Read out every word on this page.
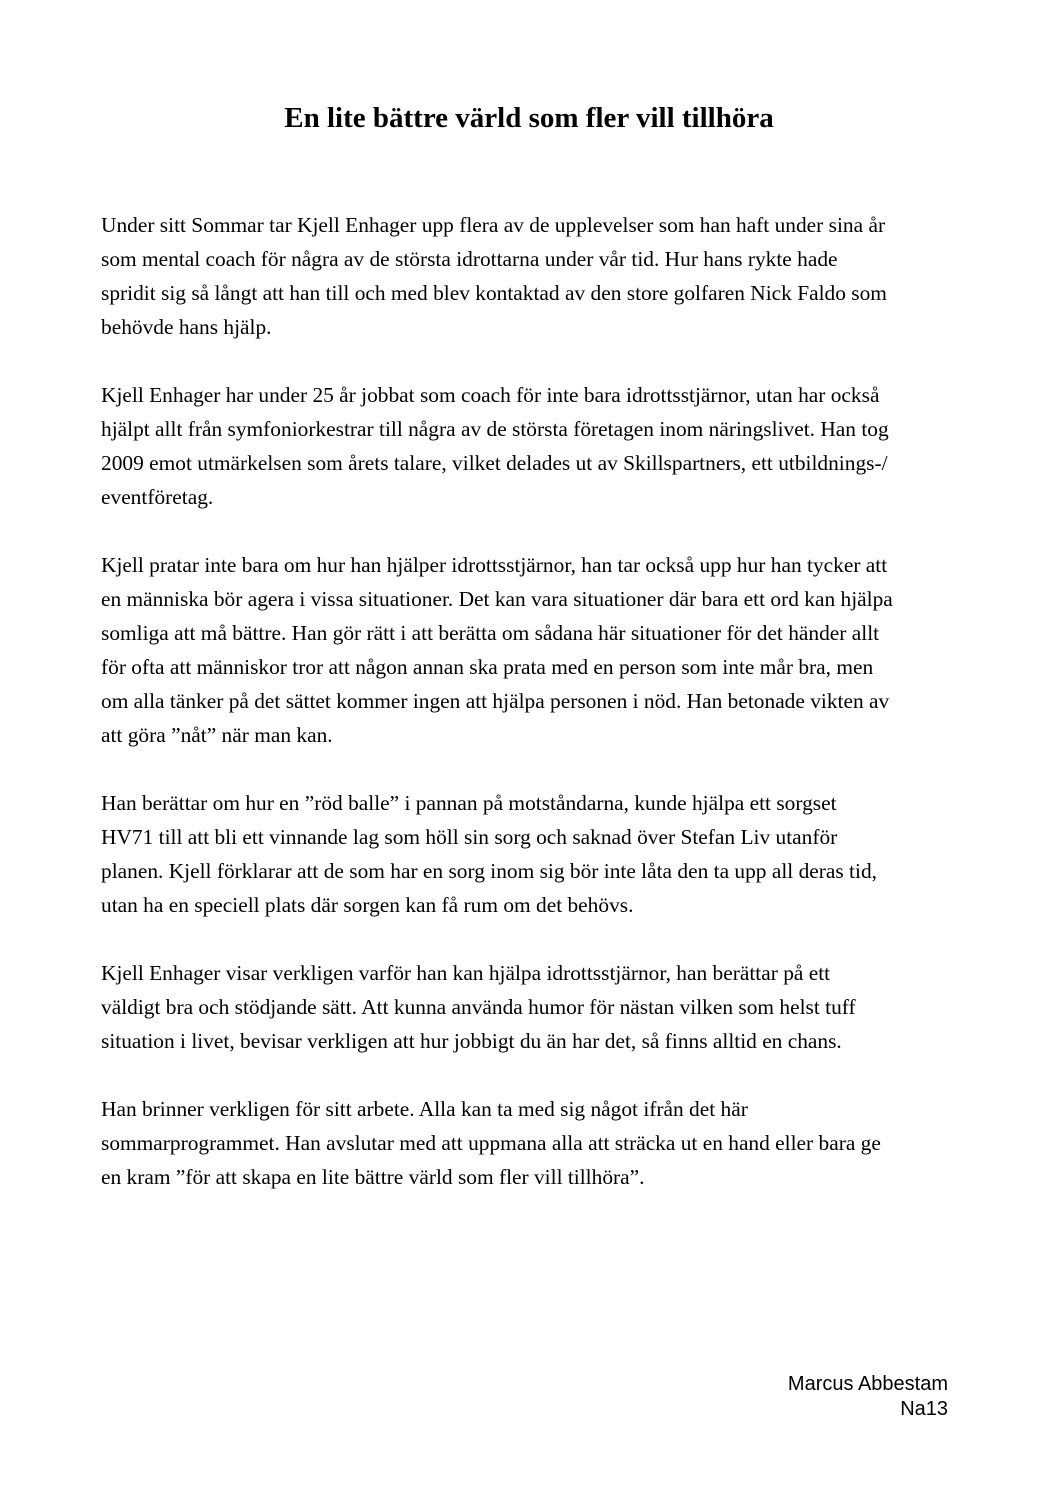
En lite bättre värld som fler vill tillhöra

Under sitt Sommar tar Kjell Enhager upp flera av de upplevelser som han haft under sina år
som mental coach för några av de största idrottarna under vår tid. Hur hans rykte hade
spridit sig så långt att han till och med blev kontaktad av den store golfaren Nick Faldo som
behövde hans hjälp.

Kjell Enhager har under 25 år jobbat som coach för inte bara idrottsstjärnor, utan har också
hjälpt allt från symfoniorkestrar till några av de största företagen inom näringslivet. Han tog
2009 emot utmärkelsen som årets talare, vilket delades ut av Skillspartners, ett utbildnings-/
eventföretag.

Kjell pratar inte bara om hur han hjälper idrottsstjärnor, han tar också upp hur han tycker att
en människa bör agera i vissa situationer. Det kan vara situationer där bara ett ord kan hjälpa
somliga att må bättre. Han gör rätt i att berätta om sådana här situationer för det händer allt
för ofta att människor tror att någon annan ska prata med en person som inte mår bra, men
om alla tänker på det sättet kommer ingen att hjälpa personen i nöd. Han betonade vikten av
att göra ”nåt” när man kan.

Han berättar om hur en ”röd balle” i pannan på motståndarna, kunde hjälpa ett sorgset
HV71 till att bli ett vinnande lag som höll sin sorg och saknad över Stefan Liv utanför
planen. Kjell förklarar att de som har en sorg inom sig bör inte låta den ta upp all deras tid,
utan ha en speciell plats där sorgen kan få rum om det behövs.

Kjell Enhager visar verkligen varför han kan hjälpa idrottsstjärnor, han berättar på ett
väldigt bra och stödjande sätt. Att kunna använda humor för nästan vilken som helst tuff
situation i livet, bevisar verkligen att hur jobbigt du än har det, så finns alltid en chans.

Han brinner verkligen för sitt arbete. Alla kan ta med sig något ifrån det här
sommarprogrammet. Han avslutar med att uppmana alla att sträcka ut en hand eller bara ge
en kram ”för att skapa en lite bättre värld som fler vill tillhöra”.

Marcus Abbestam
Na13
